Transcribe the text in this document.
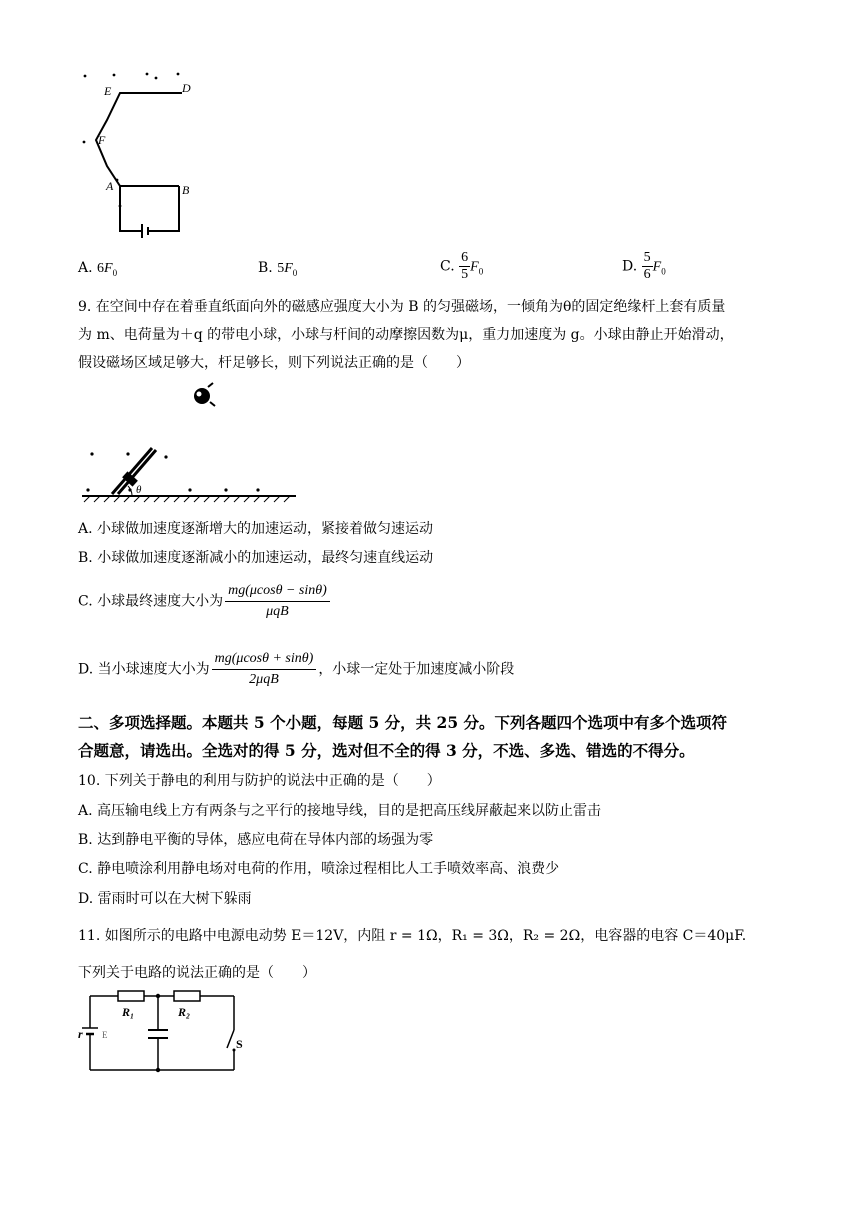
E	D
F
A	B
A. $6F_0$	B. $5F_0$	C. $\frac{6}{5} F_0$	D. $\frac{5}{6} F_0$
9. 在空间中存在着垂直纸面向外的磁感应强度大小为 B 的匀强磁场，一倾角为θ的固定绝缘杆上套有质量
为 m、电荷量为＋q 的带电小球，小球与杆间的动摩擦因数为μ，重力加速度为 g。小球由静止开始滑动，
假设磁场区域足够大，杆足够长，则下列说法正确的是（　　）
θ
A. 小球做加速度逐渐增大的加速运动，紧接着做匀速运动
B. 小球做加速度逐渐减小的加速运动，最终匀速直线运动
C. 小球最终速度大小为 $\frac{mg(\mu\cos\theta - \sin\theta)}{\text{μqB}}$
D. 当小球速度大小为 $\frac{mg(\mu\cos\theta + \sin\theta)}{\text{2μqB}}$ ，小球一定处于加速度减小阶段
二、多项选择题。本题共 5 个小题，每题 5 分，共 25 分。下列各题四个选项中有多个选项符
合题意，请选出。全选对的得 5 分，选对但不全的得 3 分，不选、多选、错选的不得分。
10. 下列关于静电的利用与防护的说法中正确的是（　　）
A. 高压输电线上方有两条与之平行的接地导线，目的是把高压线屏蔽起来以防止雷击
B. 达到静电平衡的导体，感应电荷在导体内部的场强为零
C. 静电喷涂利用静电场对电荷的作用，喷涂过程相比人工手喷效率高、浪费少
D. 雷雨时可以在大树下躲雨
11. 如图所示的电路中电源电动势 E＝12V，内阻 r = 1Ω，R₁ = 3Ω，R₂ = 2Ω，电容器的电容 C＝40μF.
下列关于电路的说法正确的是（　　）
R₁	R₂
r E
S
